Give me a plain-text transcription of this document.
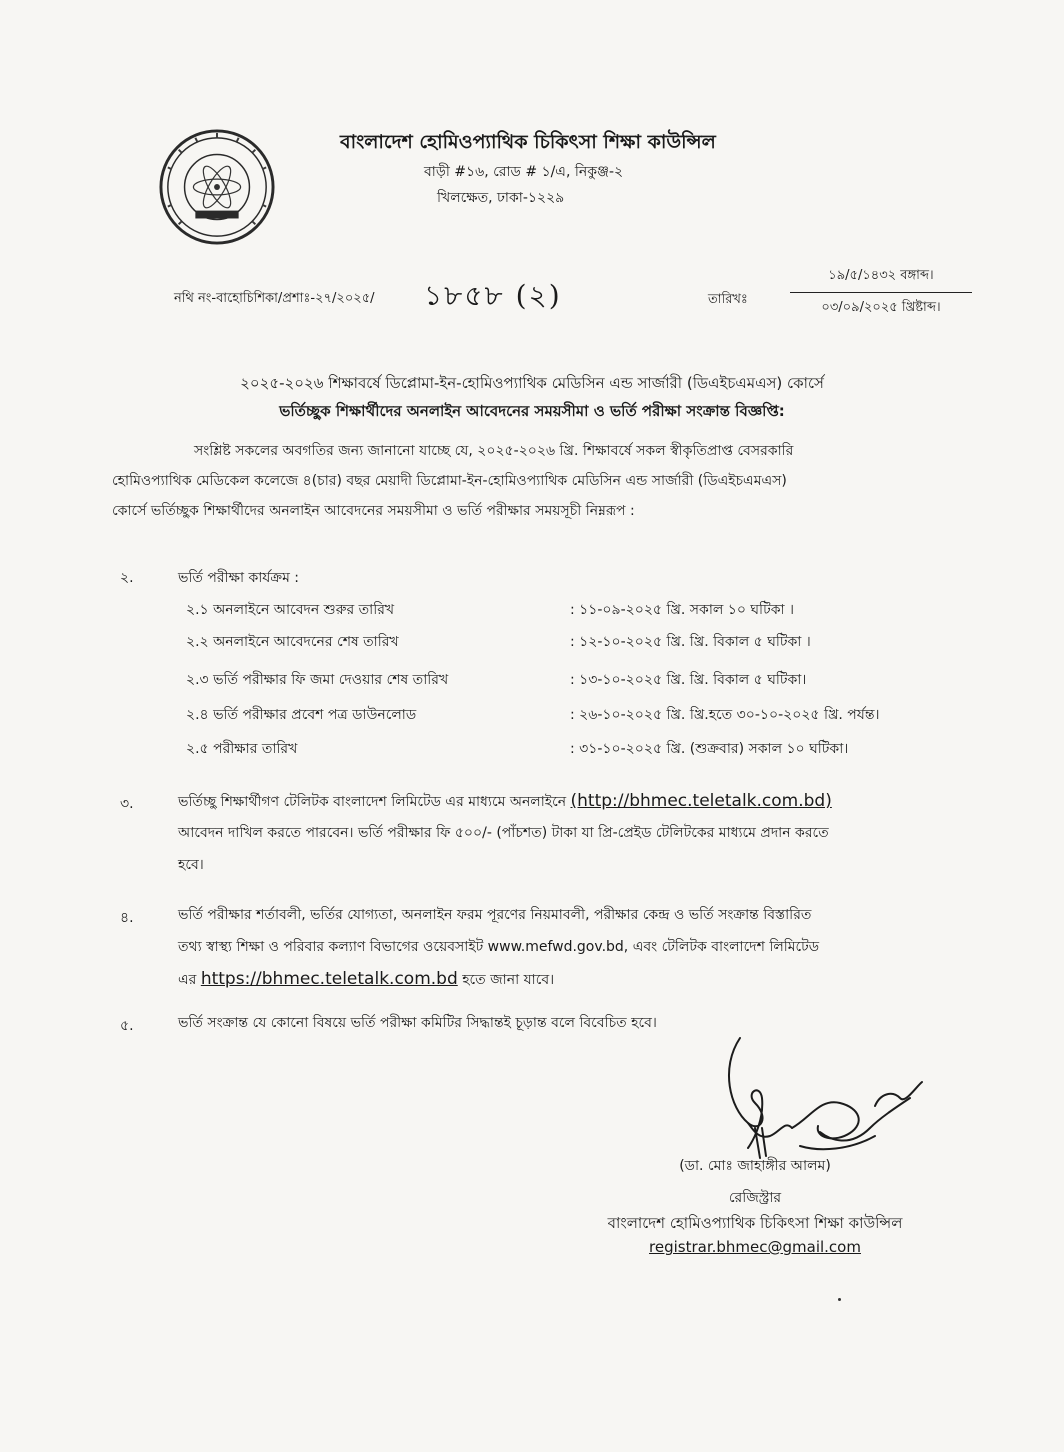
বাংলাদেশ হোমিওপ্যাথিক চিকিৎসা শিক্ষা কাউন্সিল
বাড়ী #১৬, রোড # ১/এ, নিকুঞ্জ-২
খিলক্ষেত, ঢাকা-১২২৯
নথি নং-বাহোচিশিকা/প্রশাঃ-২৭/২০২৫/ ১৮৫৮ (২)	তারিখঃ
১৯/৫/১৪৩২ বঙ্গাব্দ।
০৩/০৯/২০২৫ খ্রিষ্টাব্দ।
২০২৫-২০২৬ শিক্ষাবর্ষে ডিপ্লোমা-ইন-হোমিওপ্যাথিক মেডিসিন এন্ড সার্জারী (ডিএইচএমএস) কোর্সে
ভর্তিচ্ছুক শিক্ষার্থীদের অনলাইন আবেদনের সময়সীমা ও ভর্তি পরীক্ষা সংক্রান্ত বিজ্ঞপ্তি:
সংশ্লিষ্ট সকলের অবগতির জন্য জানানো যাচ্ছে যে, ২০২৫-২০২৬ খ্রি. শিক্ষাবর্ষে সকল স্বীকৃতিপ্রাপ্ত বেসরকারি
হোমিওপ্যাথিক মেডিকেল কলেজে ৪(চার) বছর মেয়াদী ডিপ্লোমা-ইন-হোমিওপ্যাথিক মেডিসিন এন্ড সার্জারী (ডিএইচএমএস)
কোর্সে ভর্তিচ্ছুক শিক্ষার্থীদের অনলাইন আবেদনের সময়সীমা ও ভর্তি পরীক্ষার সময়সূচী নিম্নরূপ :
২.	ভর্তি পরীক্ষা কার্যক্রম :
২.১ অনলাইনে আবেদন শুরুর তারিখ	: ১১-০৯-২০২৫ খ্রি. সকাল ১০ ঘটিকা ।
২.২ অনলাইনে আবেদনের শেষ তারিখ	: ১২-১০-২০২৫ খ্রি. খ্রি. বিকাল ৫ ঘটিকা ।
২.৩ ভর্তি পরীক্ষার ফি জমা দেওয়ার শেষ তারিখ	: ১৩-১০-২০২৫ খ্রি. খ্রি. বিকাল ৫ ঘটিকা।
২.৪ ভর্তি পরীক্ষার প্রবেশ পত্র ডাউনলোড	: ২৬-১০-২০২৫ খ্রি. খ্রি.হতে ৩০-১০-২০২৫ খ্রি. পর্যন্ত।
২.৫ পরীক্ষার তারিখ	: ৩১-১০-২০২৫ খ্রি. (শুক্রবার) সকাল ১০ ঘটিকা।
৩.	ভর্তিচ্ছু শিক্ষার্থীগণ টেলিটক বাংলাদেশ লিমিটেড এর মাধ্যমে অনলাইনে (http://bhmec.teletalk.com.bd)
আবেদন দাখিল করতে পারবেন। ভর্তি পরীক্ষার ফি ৫০০/- (পাঁচশত) টাকা যা প্রি-প্রেইড টেলিটকের মাধ্যমে প্রদান করতে
হবে।
৪.	ভর্তি পরীক্ষার শর্তাবলী, ভর্তির যোগ্যতা, অনলাইন ফরম পূরণের নিয়মাবলী, পরীক্ষার কেন্দ্র ও ভর্তি সংক্রান্ত বিস্তারিত
তথ্য স্বাস্থ্য শিক্ষা ও পরিবার কল্যাণ বিভাগের ওয়েবসাইট www.mefwd.gov.bd, এবং টেলিটক বাংলাদেশ লিমিটেড
এর https://bhmec.teletalk.com.bd হতে জানা যাবে।
৫.	ভর্তি সংক্রান্ত যে কোনো বিষয়ে ভর্তি পরীক্ষা কমিটির সিদ্ধান্তই চূড়ান্ত বলে বিবেচিত হবে।
(ডা. মোঃ জাহাঙ্গীর আলম)
রেজিস্ট্রার
বাংলাদেশ হোমিওপ্যাথিক চিকিৎসা শিক্ষা কাউন্সিল
registrar.bhmec@gmail.com
